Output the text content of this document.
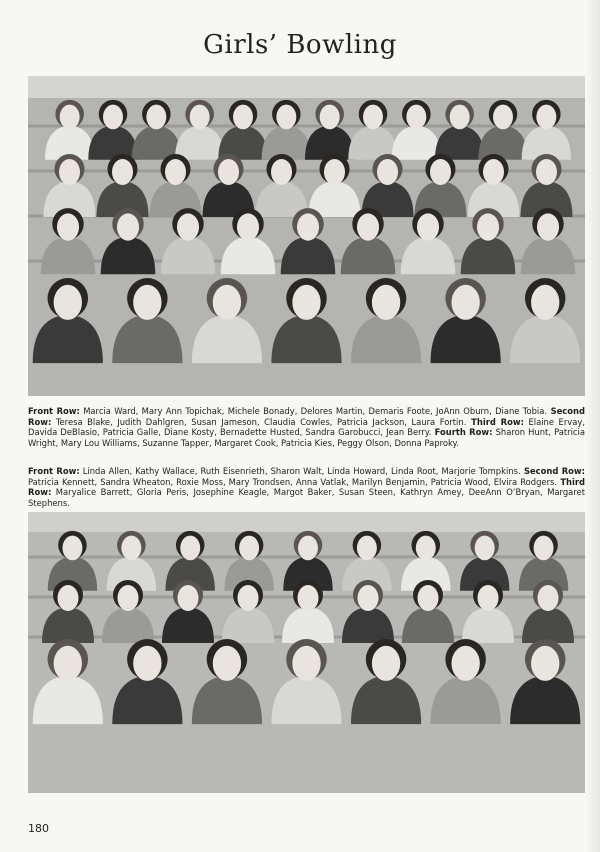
Girls’ Bowling
Front Row: Marcia Ward, Mary Ann Topichak, Michele Bonady, Delores Martin, Demaris Foote, JoAnn Oburn, Diane Tobia. Second Row: Teresa Blake, Judith Dahlgren, Susan Jameson, Claudia Cowles, Patricia Jackson, Laura Fortin. Third Row: Elaine Ervay, Davida DeBlasio, Patricia Galle, Diane Kosty, Bernadette Husted, Sandra Garobucci, Jean Berry. Fourth Row: Sharon Hunt, Patricia Wright, Mary Lou Williams, Suzanne Tapper, Margaret Cook, Patricia Kies, Peggy Olson, Donna Paproky.
Front Row: Linda Allen, Kathy Wallace, Ruth Eisenrieth, Sharon Walt, Linda Howard, Linda Root, Marjorie Tompkins. Second Row: Patricia Kennett, Sandra Wheaton, Roxie Moss, Mary Trondsen, Anna Vatlak, Marilyn Benjamin, Patricia Wood, Elvira Rodgers. Third Row: Maryalice Barrett, Gloria Peris, Josephine Keagle, Margot Baker, Susan Steen, Kathryn Amey, DeeAnn O’Bryan, Margaret Stephens.
180
